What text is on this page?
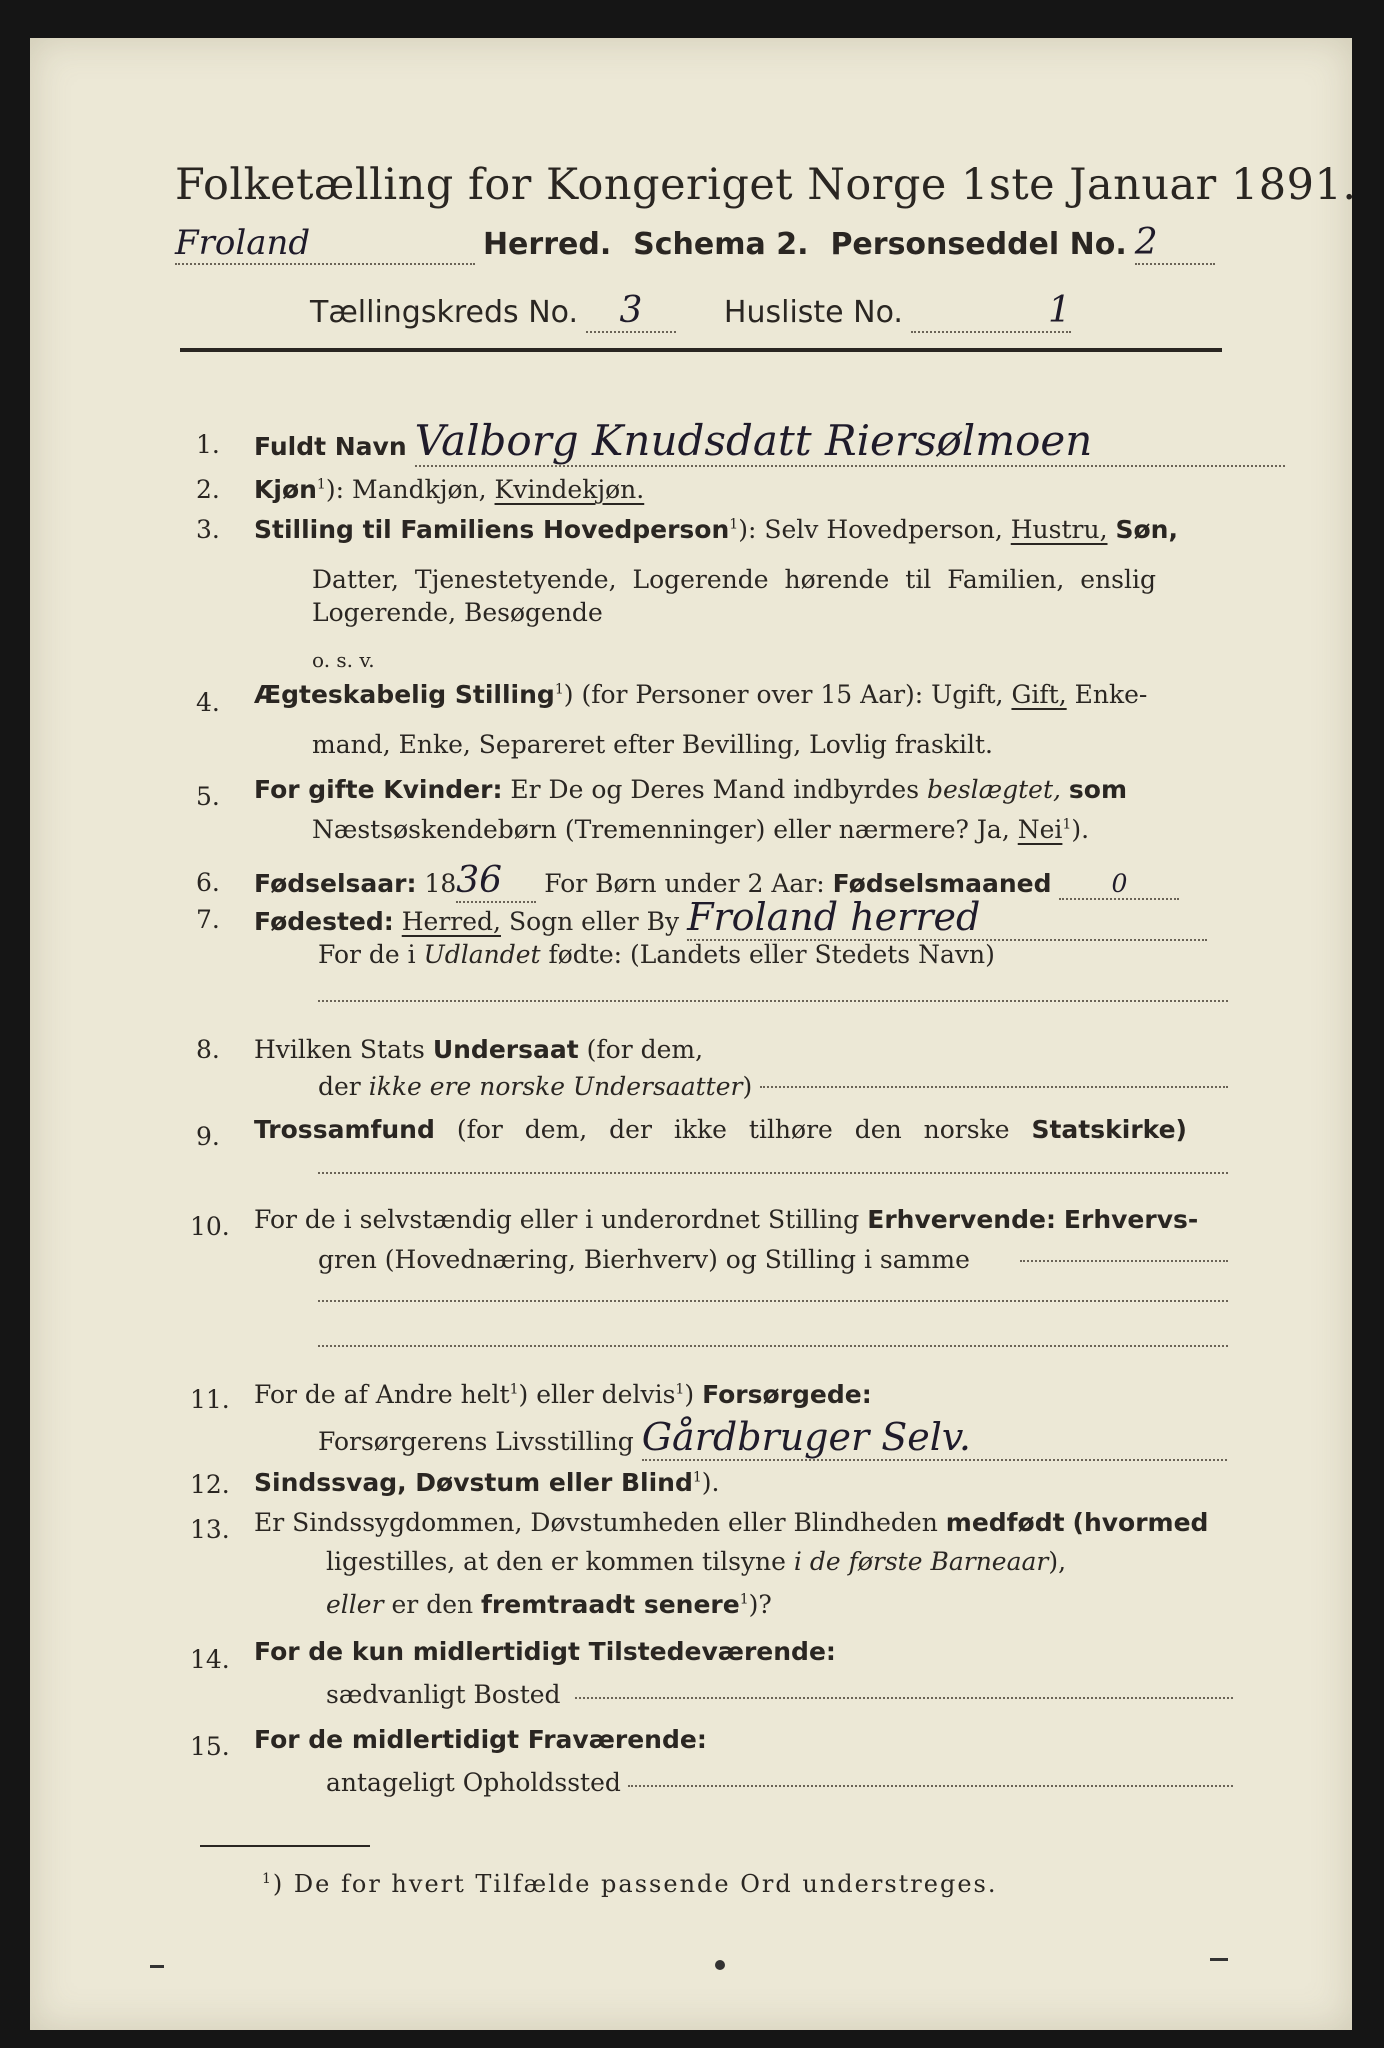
Folketælling for Kongeriget Norge 1ste Januar 1891.
Froland	Herred. Schema 2. Personseddel No. 2
Tællingskreds No. 3	Husliste No.	1
1. Fuldt Navn Valborg Knudsdatt Riersølmoen
2. Kjøn$^1$): Mandkjøn, Kvindekjøn.
3. Stilling til Familiens Hovedperson$^1$): Selv Hovedperson, Hustru, Søn,
Datter, Tjenestetyende, Logerende hørende til Familien, enslig
Logerende, Besøgende
o. s. v.
4. Ægteskabelig Stilling$^1$) (for Personer over 15 Aar): Ugift, Gift, Enke-
mand, Enke, Separeret efter Bevilling, Lovlig fraskilt.
5. For gifte Kvinder: Er De og Deres Mand indbyrdes beslægtet, som
Næstsøskendebørn (Tremenninger) eller nærmere? Ja, Nei$^1$).
6. Fødselsaar: 1836 For Børn under 2 Aar: Fødselsmaaned 0
7. Fødested: Herred, Sogn eller By Froland herred
For de i Udlandet fødte: (Landets eller Stedets Navn)
8. Hvilken Stats Undersaat (for dem,
der ikke ere norske Undersaatter)
9. Trossamfund (for dem, der ikke tilhøre den norske Statskirke)
10. For de i selvstændig eller i underordnet Stilling Erhvervende: Erhvervs-
gren (Hovednæring, Bierhverv) og Stilling i samme
11. For de af Andre helt$^1$) eller delvis$^1$) Forsørgede:
Forsørgerens Livsstilling Gårdbruger Selv.
12. Sindssvag, Døvstum eller Blind$^1$).
13. Er Sindssygdommen, Døvstumheden eller Blindheden medfødt (hvormed
ligestilles, at den er kommen tilsyne i de første Barneaar),
eller er den fremtraadt senere$^1$)?
14. For de kun midlertidigt Tilstedeværende:
sædvanligt Bosted
15. For de midlertidigt Fraværende:
antageligt Opholdssted
$^1$) De for hvert Tilfælde passende Ord understreges.
